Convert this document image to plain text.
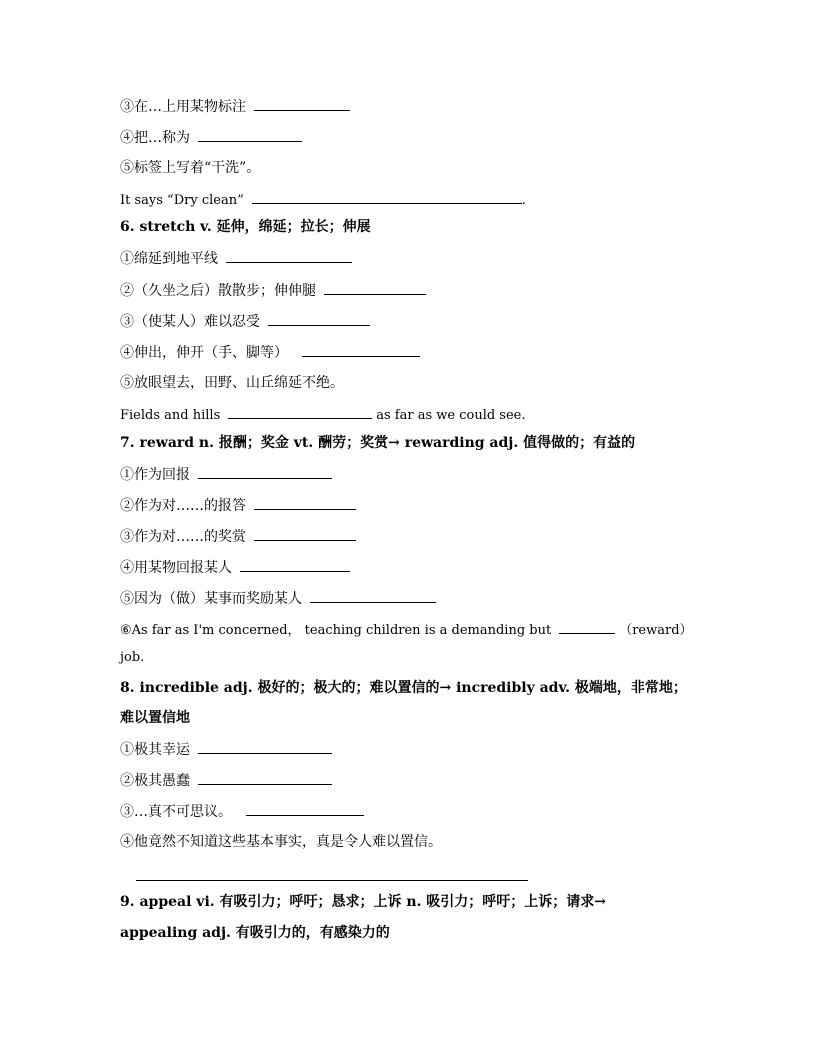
③在…上用某物标注
④把…称为
⑤标签上写着“干洗”。
It says “Dry clean”	.
6. stretch v. 延伸，绵延；拉长；伸展
①绵延到地平线
②（久坐之后）散散步；伸伸腿
③（使某人）难以忍受
④伸出，伸开（手、脚等）
⑤放眼望去，田野、山丘绵延不绝。
Fields and hills	as far as we could see.
7. reward n. 报酬；奖金 vt. 酬劳；奖赏→ rewarding adj. 值得做的；有益的
①作为回报
②作为对……的报答
③作为对……的奖赏
④用某物回报某人
⑤因为（做）某事而奖励某人
⑥As far as I'm concerned， teaching children is a demanding but	（reward）
job.
8. incredible adj. 极好的；极大的；难以置信的→ incredibly adv. 极端地，非常地；
难以置信地
①极其幸运
②极其愚蠢
③…真不可思议。
④他竟然不知道这些基本事实，真是令人难以置信。
9. appeal vi. 有吸引力；呼吁；恳求；上诉 n. 吸引力；呼吁；上诉；请求→
appealing adj. 有吸引力的，有感染力的
